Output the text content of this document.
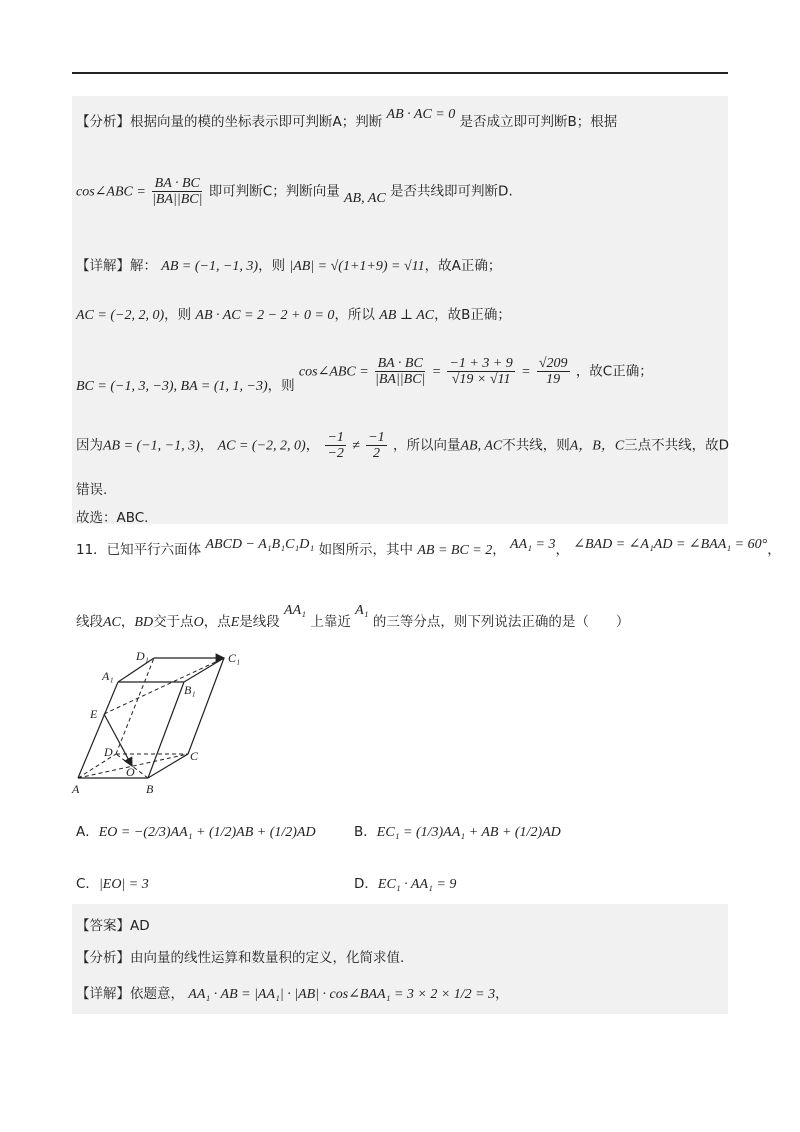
【分析】根据向量的模的坐标表示即可判断A；判断 AB · AC = 0 是否成立即可判断B；根据
cos∠ABC = $\frac{BA \cdot BC}{|BA||BC|}$ 即可判断C；判断向量 AB, AC 是否共线即可判断D.
【详解】解： AB = (−1, −1, 3)，则 |AB| = √(1+1+9) = √11，故A正确；
AC = (−2, 2, 0)，则 AB · AC = 2 − 2 + 0 = 0，所以 AB ⊥ AC，故B正确；
BC = (−1, 3, −3), BA = (1, 1, −3)，则 cos∠ABC = $\frac{BA \cdot BC}{|BA||BC|} = \frac{-1 + 3 + 9}{√19 \times √11} = \frac{√209}{19}$ ，故C正确；
因为AB = (−1, −1, 3)， AC = (−2, 2, 0)， $\frac{-1}{-2} \ne \frac{-1}{2}$ ，所以向量AB, AC不共线，则A，B，C三点不共线，故D
错误.
故选：ABC.
11．已知平行六面体 ABCD − A₁B₁C₁D₁ 如图所示，其中 AB = BC = 2， AA₁ = 3， ∠BAD = ∠A₁AD = ∠BAA₁ = 60°，
线段AC，BD交于点O，点E是线段 AA₁ 上靠近 A₁ 的三等分点，则下列说法正确的是（　　）
D₁	C₁
A₁
B₁
E
D	C
O
A	B
A．EO = −(2/3)AA₁ + (1/2)AB + (1/2)AD	B．EC₁ = (1/3)AA₁ + AB + (1/2)AD
C．|EO| = 3	D．EC₁ · AA₁ = 9
【答案】AD
【分析】由向量的线性运算和数量积的定义，化简求值.
【详解】依题意， AA₁ · AB = |AA₁| · |AB| · cos∠BAA₁ = 3 × 2 × 1/2 = 3，
